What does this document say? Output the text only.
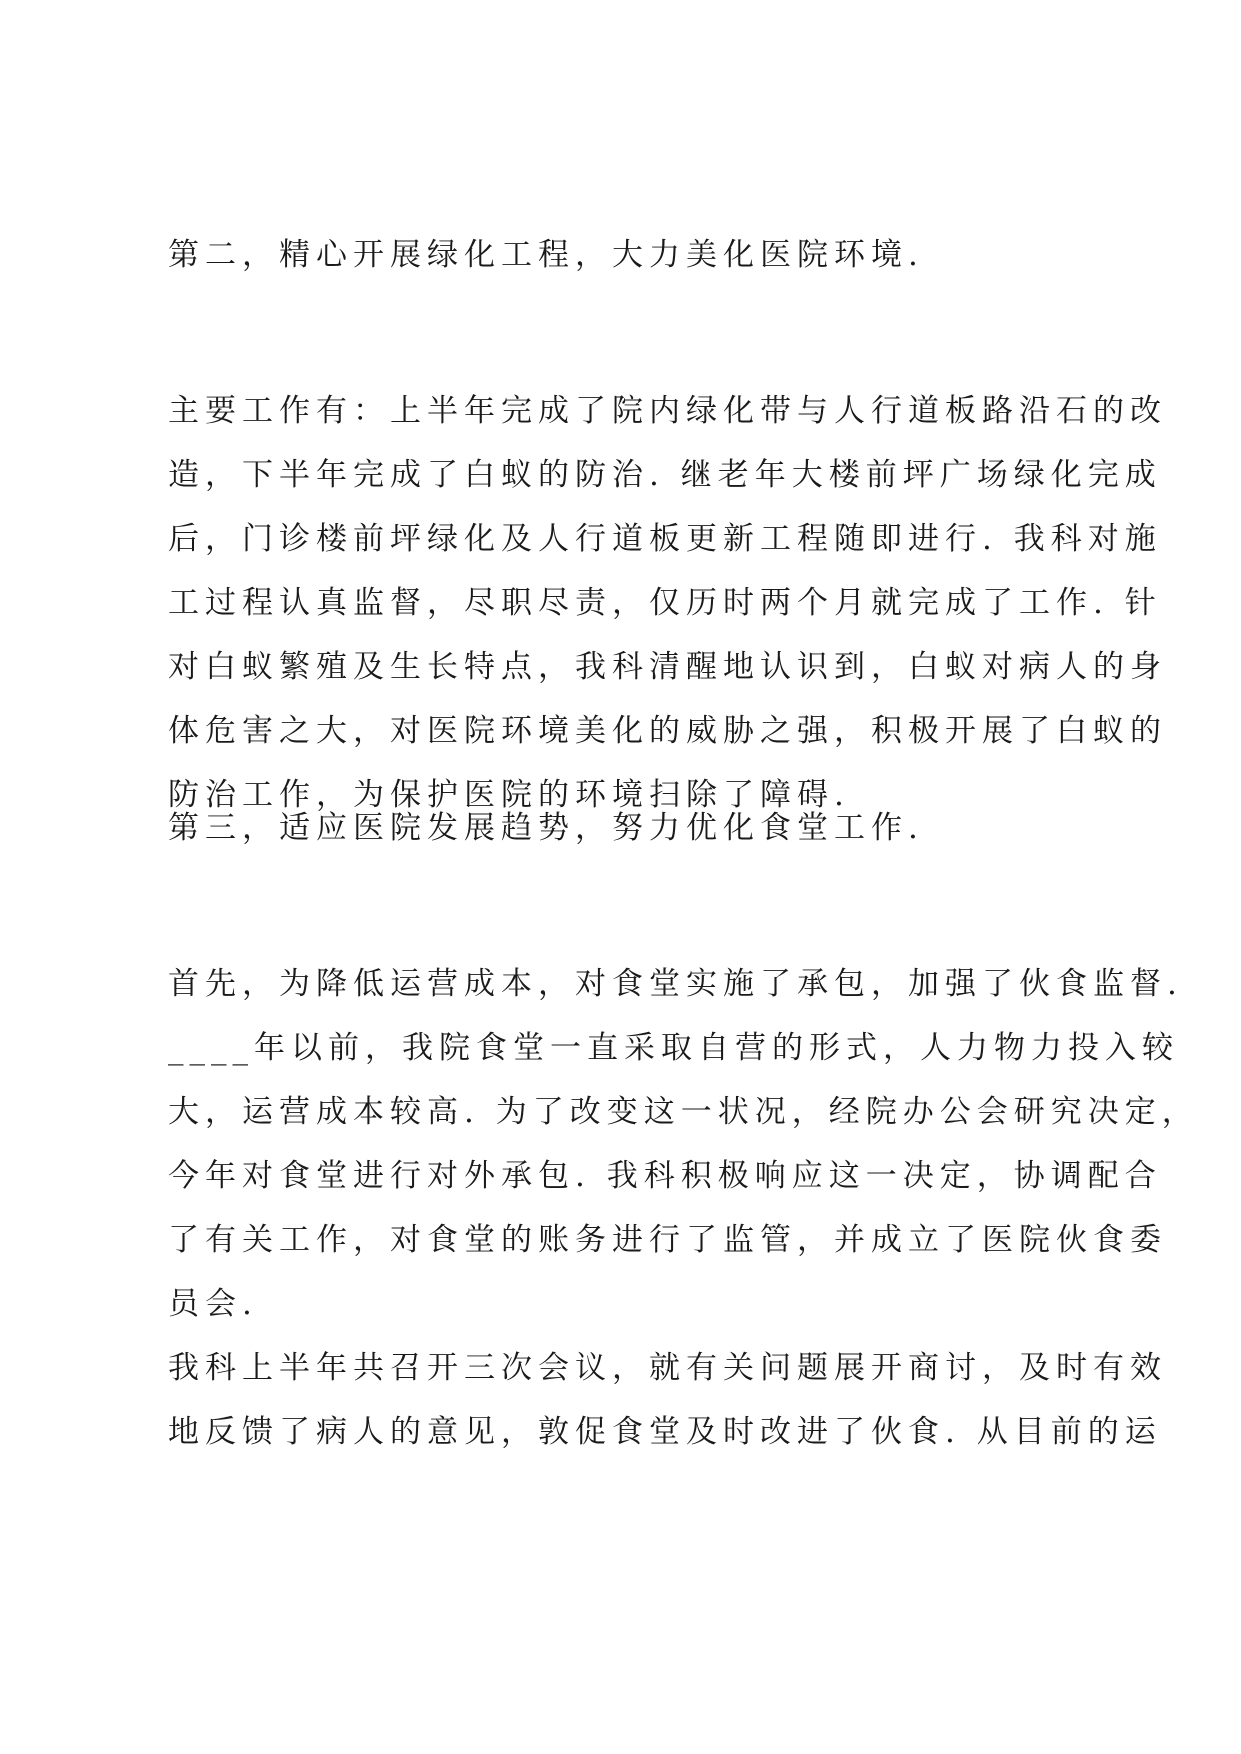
第二，精心开展绿化工程，大力美化医院环境.
主要工作有：上半年完成了院内绿化带与人行道板路沿石的改
造，下半年完成了白蚁的防治. 继老年大楼前坪广场绿化完成
后，门诊楼前坪绿化及人行道板更新工程随即进行. 我科对施
工过程认真监督，尽职尽责，仅历时两个月就完成了工作. 针
对白蚁繁殖及生长特点，我科清醒地认识到，白蚁对病人的身
体危害之大，对医院环境美化的威胁之强，积极开展了白蚁的
防治工作，为保护医院的环境扫除了障碍.
第三，适应医院发展趋势，努力优化食堂工作.
首先，为降低运营成本，对食堂实施了承包，加强了伙食监督.
____年以前，我院食堂一直采取自营的形式，人力物力投入较
大，运营成本较高. 为了改变这一状况，经院办公会研究决定，
今年对食堂进行对外承包. 我科积极响应这一决定，协调配合
了有关工作，对食堂的账务进行了监管，并成立了医院伙食委
员会.
我科上半年共召开三次会议，就有关问题展开商讨，及时有效
地反馈了病人的意见，敦促食堂及时改进了伙食. 从目前的运
